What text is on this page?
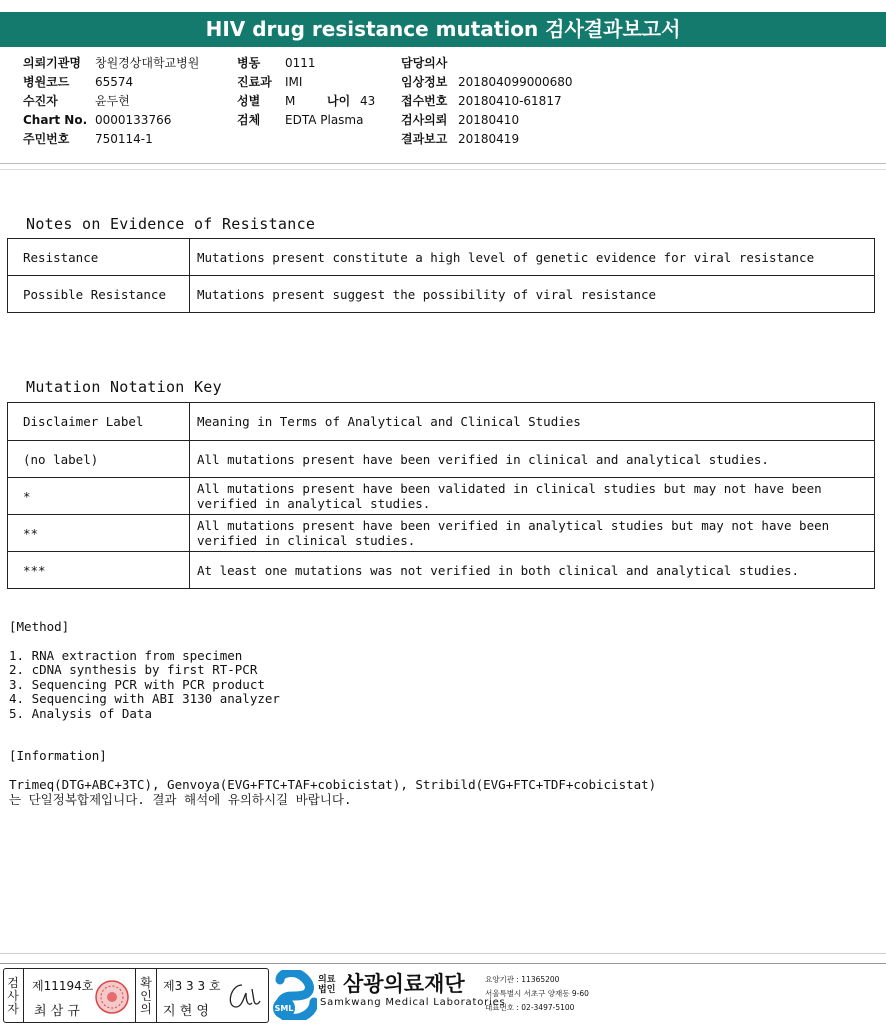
HIV drug resistance mutation 검사결과보고서
의뢰기관명 창원경상대학교병원
병원코드 65574
수진자	윤두현
Chart No. 0000133766
주민번호 750114-1
병동 0111
진료과 IMI
성별 M	나이 43
검체 EDTA Plasma
담당의사
임상정보 201804099000680
접수번호 20180410-61817
검사의뢰 20180410
결과보고 20180419
Notes on Evidence of Resistance
Resistance	Mutations present constitute a high level of genetic evidence for viral resistance
Possible Resistance	Mutations present suggest the possibility of viral resistance
Mutation Notation Key
Disclaimer Label	Meaning in Terms of Analytical and Clinical Studies
(no label)	All mutations present have been verified in clinical and analytical studies.
*	All mutations present have been validated in clinical studies but may not have been verified in analytical studies.
**	All mutations present have been verified in analytical studies but may not have been verified in clinical studies.
***	At least one mutations was not verified in both clinical and analytical studies.
[Method]
1. RNA extraction from specimen
2. cDNA synthesis by first RT-PCR
3. Sequencing PCR with PCR product
4. Sequencing with ABI 3130 analyzer
5. Analysis of Data
[Information]
Trimeq(DTG+ABC+3TC), Genvoya(EVG+FTC+TAF+cobicistat), Stribild(EVG+FTC+TDF+cobicistat)
는 단일정복합제입니다. 결과 해석에 유의하시길 바랍니다.
검사자
제11194호
최 삼 규
확인의
제3 3 3 호
지 현 영	SML
의료
법인 삼광의료재단
Samkwang Medical Laboratories
요양기관 : 11365200
서울특별시 서초구 양재동 9-60
대표번호 : 02-3497-5100
